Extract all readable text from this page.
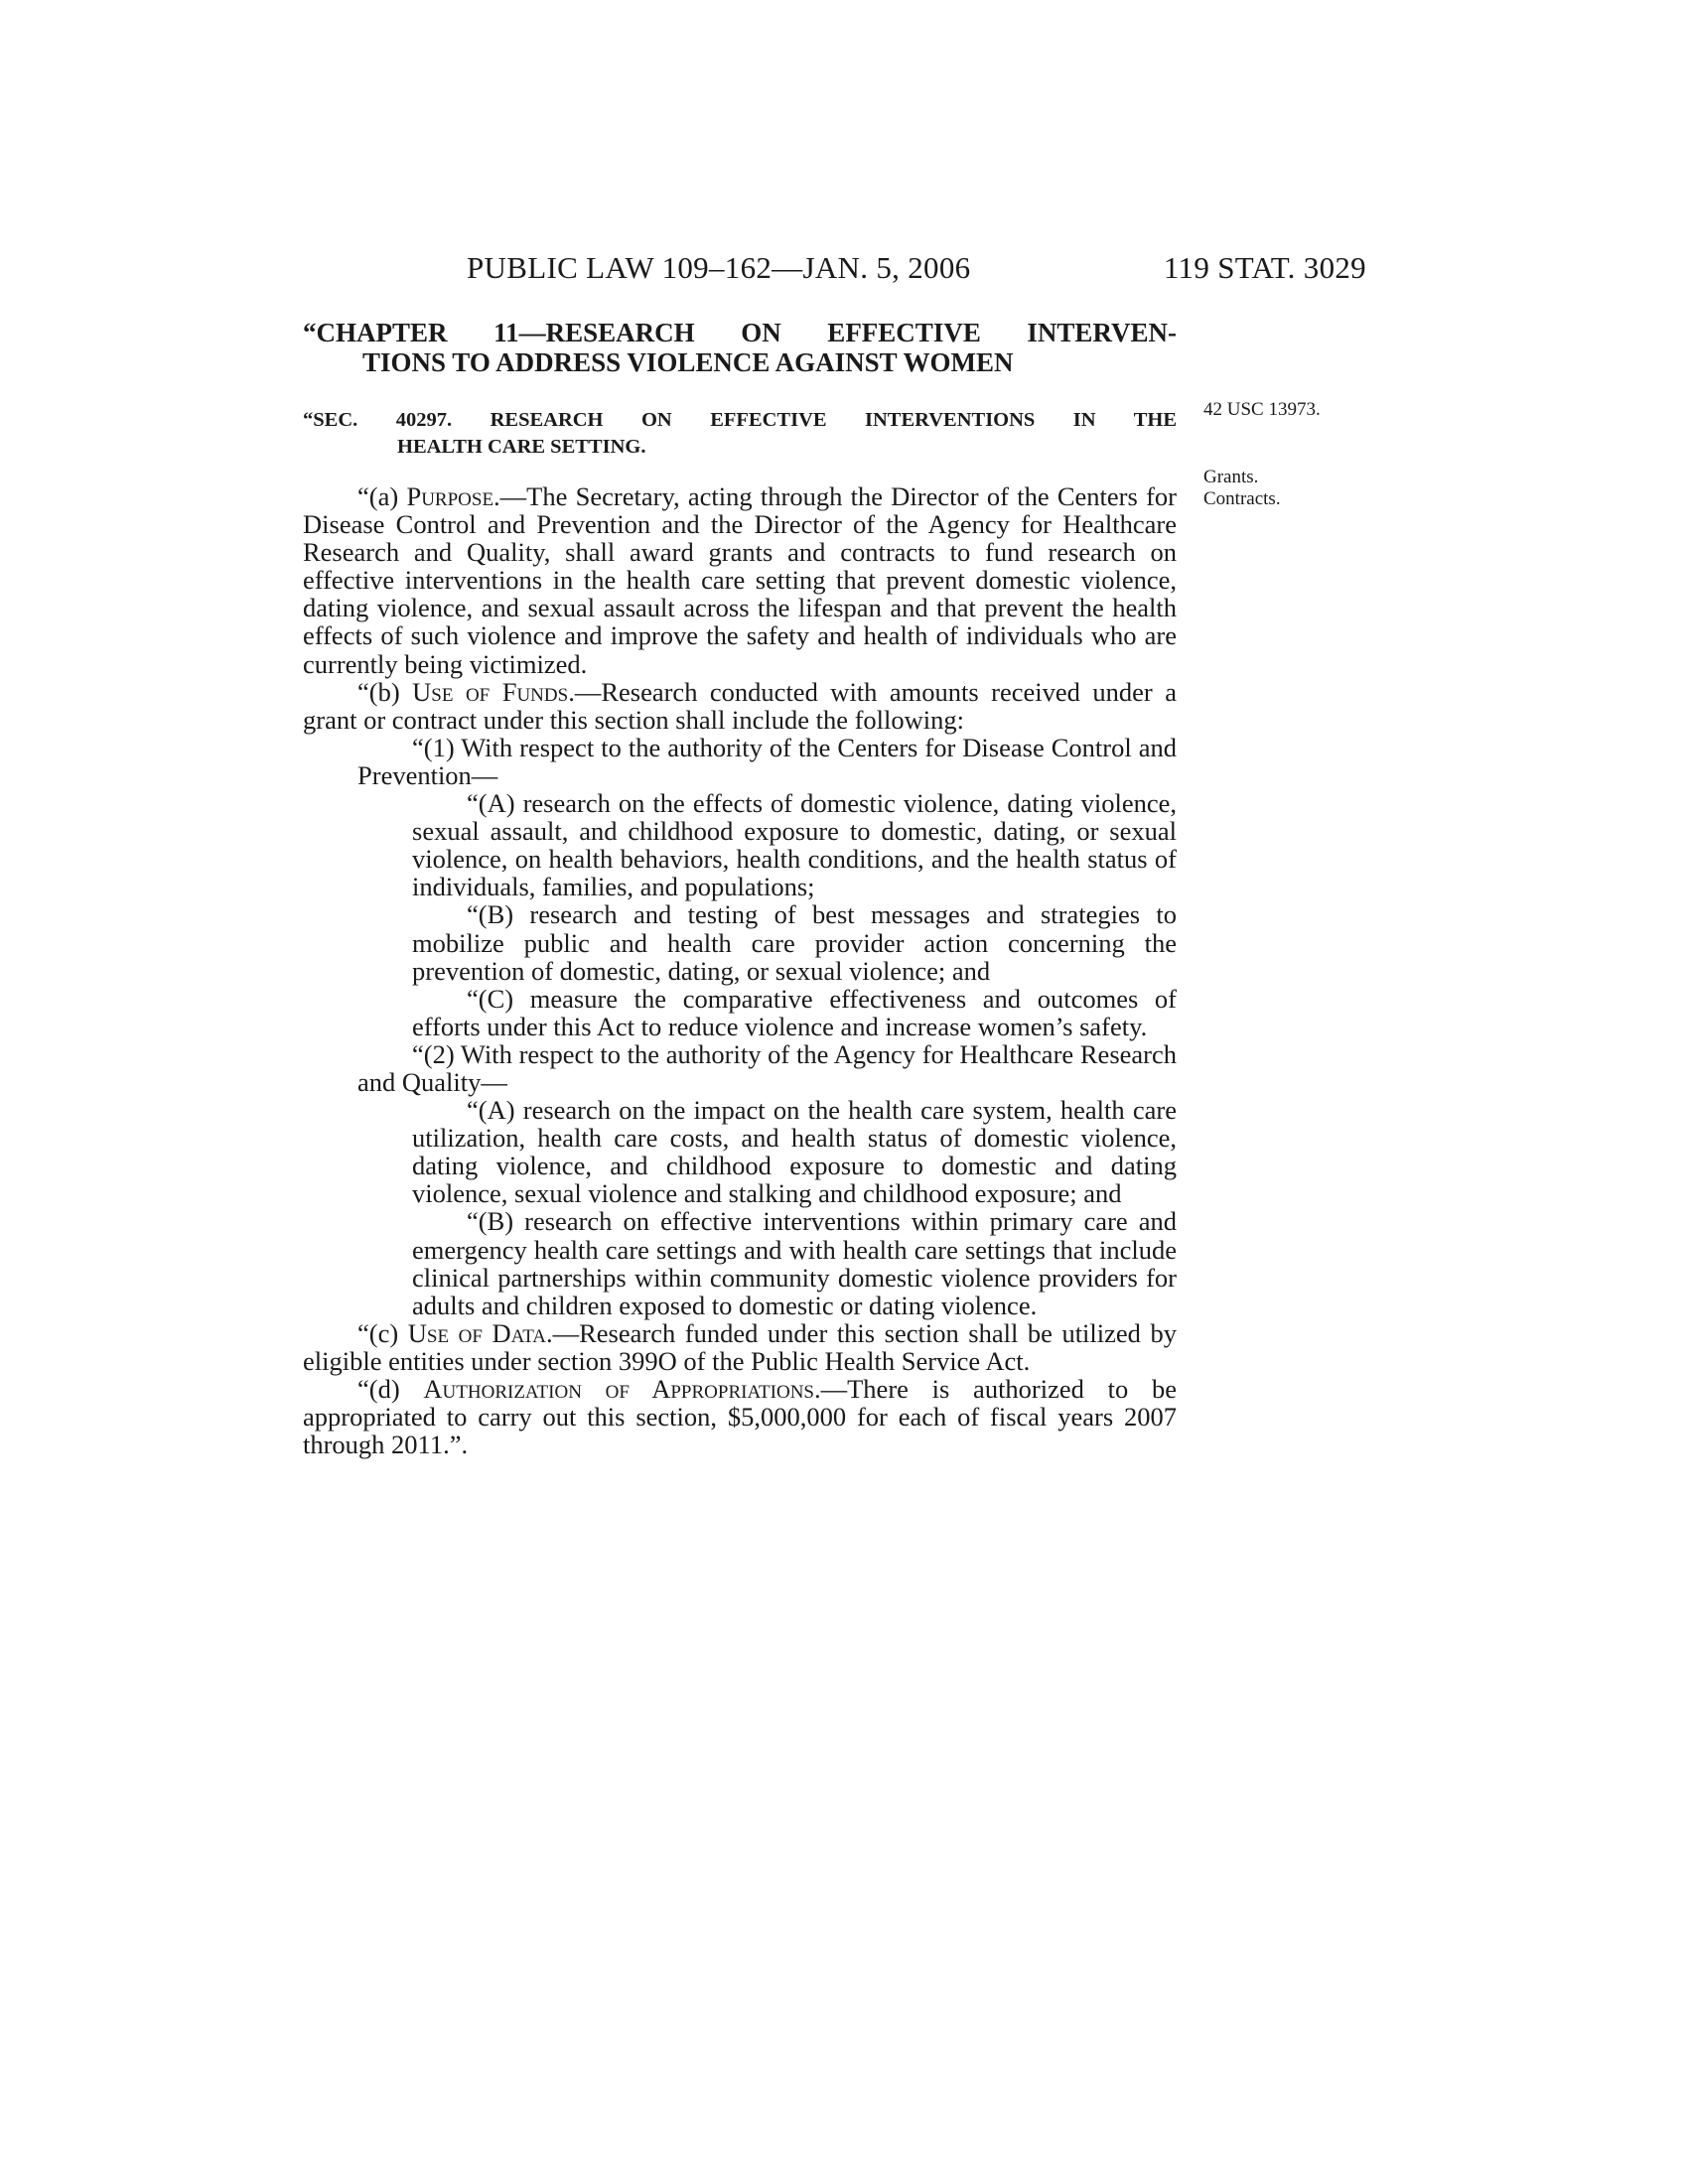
PUBLIC LAW 109–162—JAN. 5, 2006	119 STAT. 3029
“CHAPTER 11—RESEARCH ON EFFECTIVE INTERVEN-
TIONS TO ADDRESS VIOLENCE AGAINST WOMEN
“SEC. 40297. RESEARCH ON EFFECTIVE INTERVENTIONS IN THE
HEALTH CARE SETTING.

“(a) Purpose.—The Secretary, acting through the Director of the Centers for Disease Control and Prevention and the Director of the Agency for Healthcare Research and Quality, shall award grants and contracts to fund research on effective interventions in the health care setting that prevent domestic violence, dating violence, and sexual assault across the lifespan and that prevent the health effects of such violence and improve the safety and health of individuals who are currently being victimized.

“(b) Use of Funds.—Research conducted with amounts received under a grant or contract under this section shall include the following:

“(1) With respect to the authority of the Centers for Disease Control and Prevention—

“(A) research on the effects of domestic violence, dating violence, sexual assault, and childhood exposure to domestic, dating, or sexual violence, on health behaviors, health conditions, and the health status of individuals, families, and populations;

“(B) research and testing of best messages and strategies to mobilize public and health care provider action concerning the prevention of domestic, dating, or sexual violence; and

“(C) measure the comparative effectiveness and outcomes of efforts under this Act to reduce violence and increase women’s safety.

“(2) With respect to the authority of the Agency for Healthcare Research and Quality—

“(A) research on the impact on the health care system, health care utilization, health care costs, and health status of domestic violence, dating violence, and childhood exposure to domestic and dating violence, sexual violence and stalking and childhood exposure; and

“(B) research on effective interventions within primary care and emergency health care settings and with health care settings that include clinical partnerships within community domestic violence providers for adults and children exposed to domestic or dating violence.

“(c) Use of Data.—Research funded under this section shall be utilized by eligible entities under section 399O of the Public Health Service Act.

“(d) Authorization of Appropriations.—There is authorized to be appropriated to carry out this section, $5,000,000 for each of fiscal years 2007 through 2011.”.

42 USC 13973.
Grants.
Contracts.
